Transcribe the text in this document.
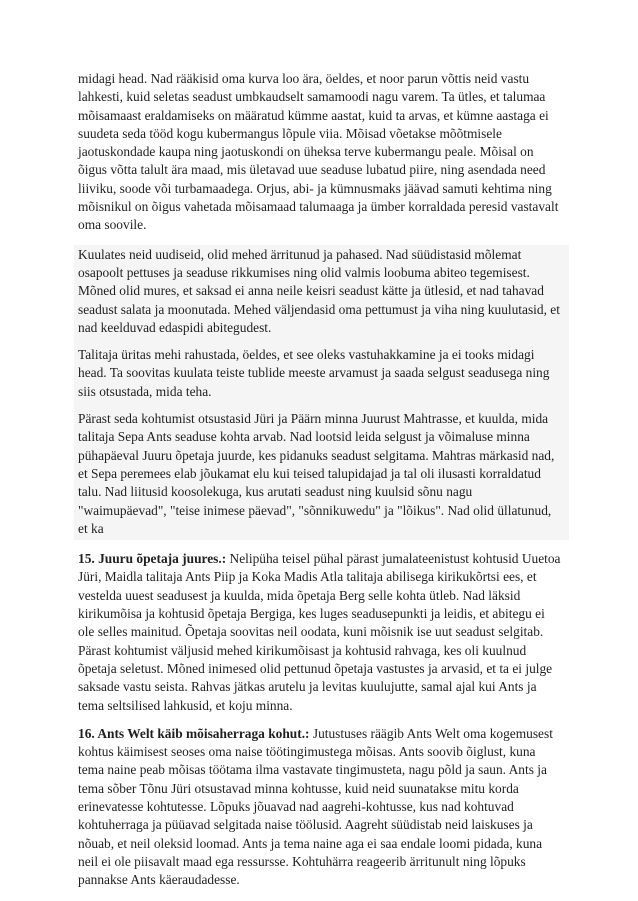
midagi head. Nad rääkisid oma kurva loo ära, öeldes, et noor parun võttis neid vastu lahkesti, kuid seletas seadust umbkaudselt samamoodi nagu varem. Ta ütles, et talumaa mõisamaast eraldamiseks on määratud kümme aastat, kuid ta arvas, et kümne aastaga ei suudeta seda tööd kogu kubermangus lõpule viia. Mõisad võetakse mõõtmisele jaotuskondade kaupa ning jaotuskondi on üheksa terve kubermangu peale. Mõisal on õigus võtta talult ära maad, mis ületavad uue seaduse lubatud piire, ning asendada need liiviku, soode või turbamaadega. Orjus, abi- ja kümnusmaks jäävad samuti kehtima ning mõisnikul on õigus vahetada mõisamaad talumaaga ja ümber korraldada peresid vastavalt oma soovile.

Kuulates neid uudiseid, olid mehed ärritunud ja pahased. Nad süüdistasid mõlemat osapoolt pettuses ja seaduse rikkumises ning olid valmis loobuma abiteo tegemisest. Mõned olid mures, et saksad ei anna neile keisri seadust kätte ja ütlesid, et nad tahavad seadust salata ja moonutada. Mehed väljendasid oma pettumust ja viha ning kuulutasid, et nad keelduvad edaspidi abitegudest.

Talitaja üritas mehi rahustada, öeldes, et see oleks vastuhakkamine ja ei tooks midagi head. Ta soovitas kuulata teiste tublide meeste arvamust ja saada selgust seadusega ning siis otsustada, mida teha.

Pärast seda kohtumist otsustasid Jüri ja Päärn minna Juurust Mahtrasse, et kuulda, mida talitaja Sepa Ants seaduse kohta arvab. Nad lootsid leida selgust ja võimaluse minna pühapäeval Juuru õpetaja juurde, kes pidanuks seadust selgitama. Mahtras märkasid nad, et Sepa peremees elab jõukamat elu kui teised talupidajad ja tal oli ilusasti korraldatud talu. Nad liitusid koosolekuga, kus arutati seadust ning kuulsid sõnu nagu "waimupäevad", "teise inimese päevad", "sõnnikuwedu" ja "lõikus". Nad olid üllatunud, et ka

15. Juuru õpetaja juures.: Nelipüha teisel pühal pärast jumalateenistust kohtusid Uuetoa Jüri, Maidla talitaja Ants Piip ja Koka Madis Atla talitaja abilisega kirikukõrtsi ees, et vestelda uuest seadusest ja kuulda, mida õpetaja Berg selle kohta ütleb. Nad läksid kirikumõisa ja kohtusid õpetaja Bergiga, kes luges seadusepunkti ja leidis, et abitegu ei ole selles mainitud. Õpetaja soovitas neil oodata, kuni mõisnik ise uut seadust selgitab. Pärast kohtumist väljusid mehed kirikumõisast ja kohtusid rahvaga, kes oli kuulnud õpetaja seletust. Mõned inimesed olid pettunud õpetaja vastustes ja arvasid, et ta ei julge saksade vastu seista. Rahvas jätkas arutelu ja levitas kuulujutte, samal ajal kui Ants ja tema seltsilised lahkusid, et koju minna.

16. Ants Welt käib mõisaherraga kohut.: Jutustuses räägib Ants Welt oma kogemusest kohtus käimisest seoses oma naise töötingimustega mõisas. Ants soovib õiglust, kuna tema naine peab mõisas töötama ilma vastavate tingimusteta, nagu põld ja saun. Ants ja tema sõber Tõnu Jüri otsustavad minna kohtusse, kuid neid suunatakse mitu korda erinevatesse kohtutesse. Lõpuks jõuavad nad aagrehi-kohtusse, kus nad kohtuvad kohtuherraga ja püüavad selgitada naise töölusid. Aagreht süüdistab neid laiskuses ja nõuab, et neil oleksid loomad. Ants ja tema naine aga ei saa endale loomi pidada, kuna neil ei ole piisavalt maad ega ressursse. Kohtuhärra reageerib ärritunult ning lõpuks pannakse Ants käeraudadesse.
